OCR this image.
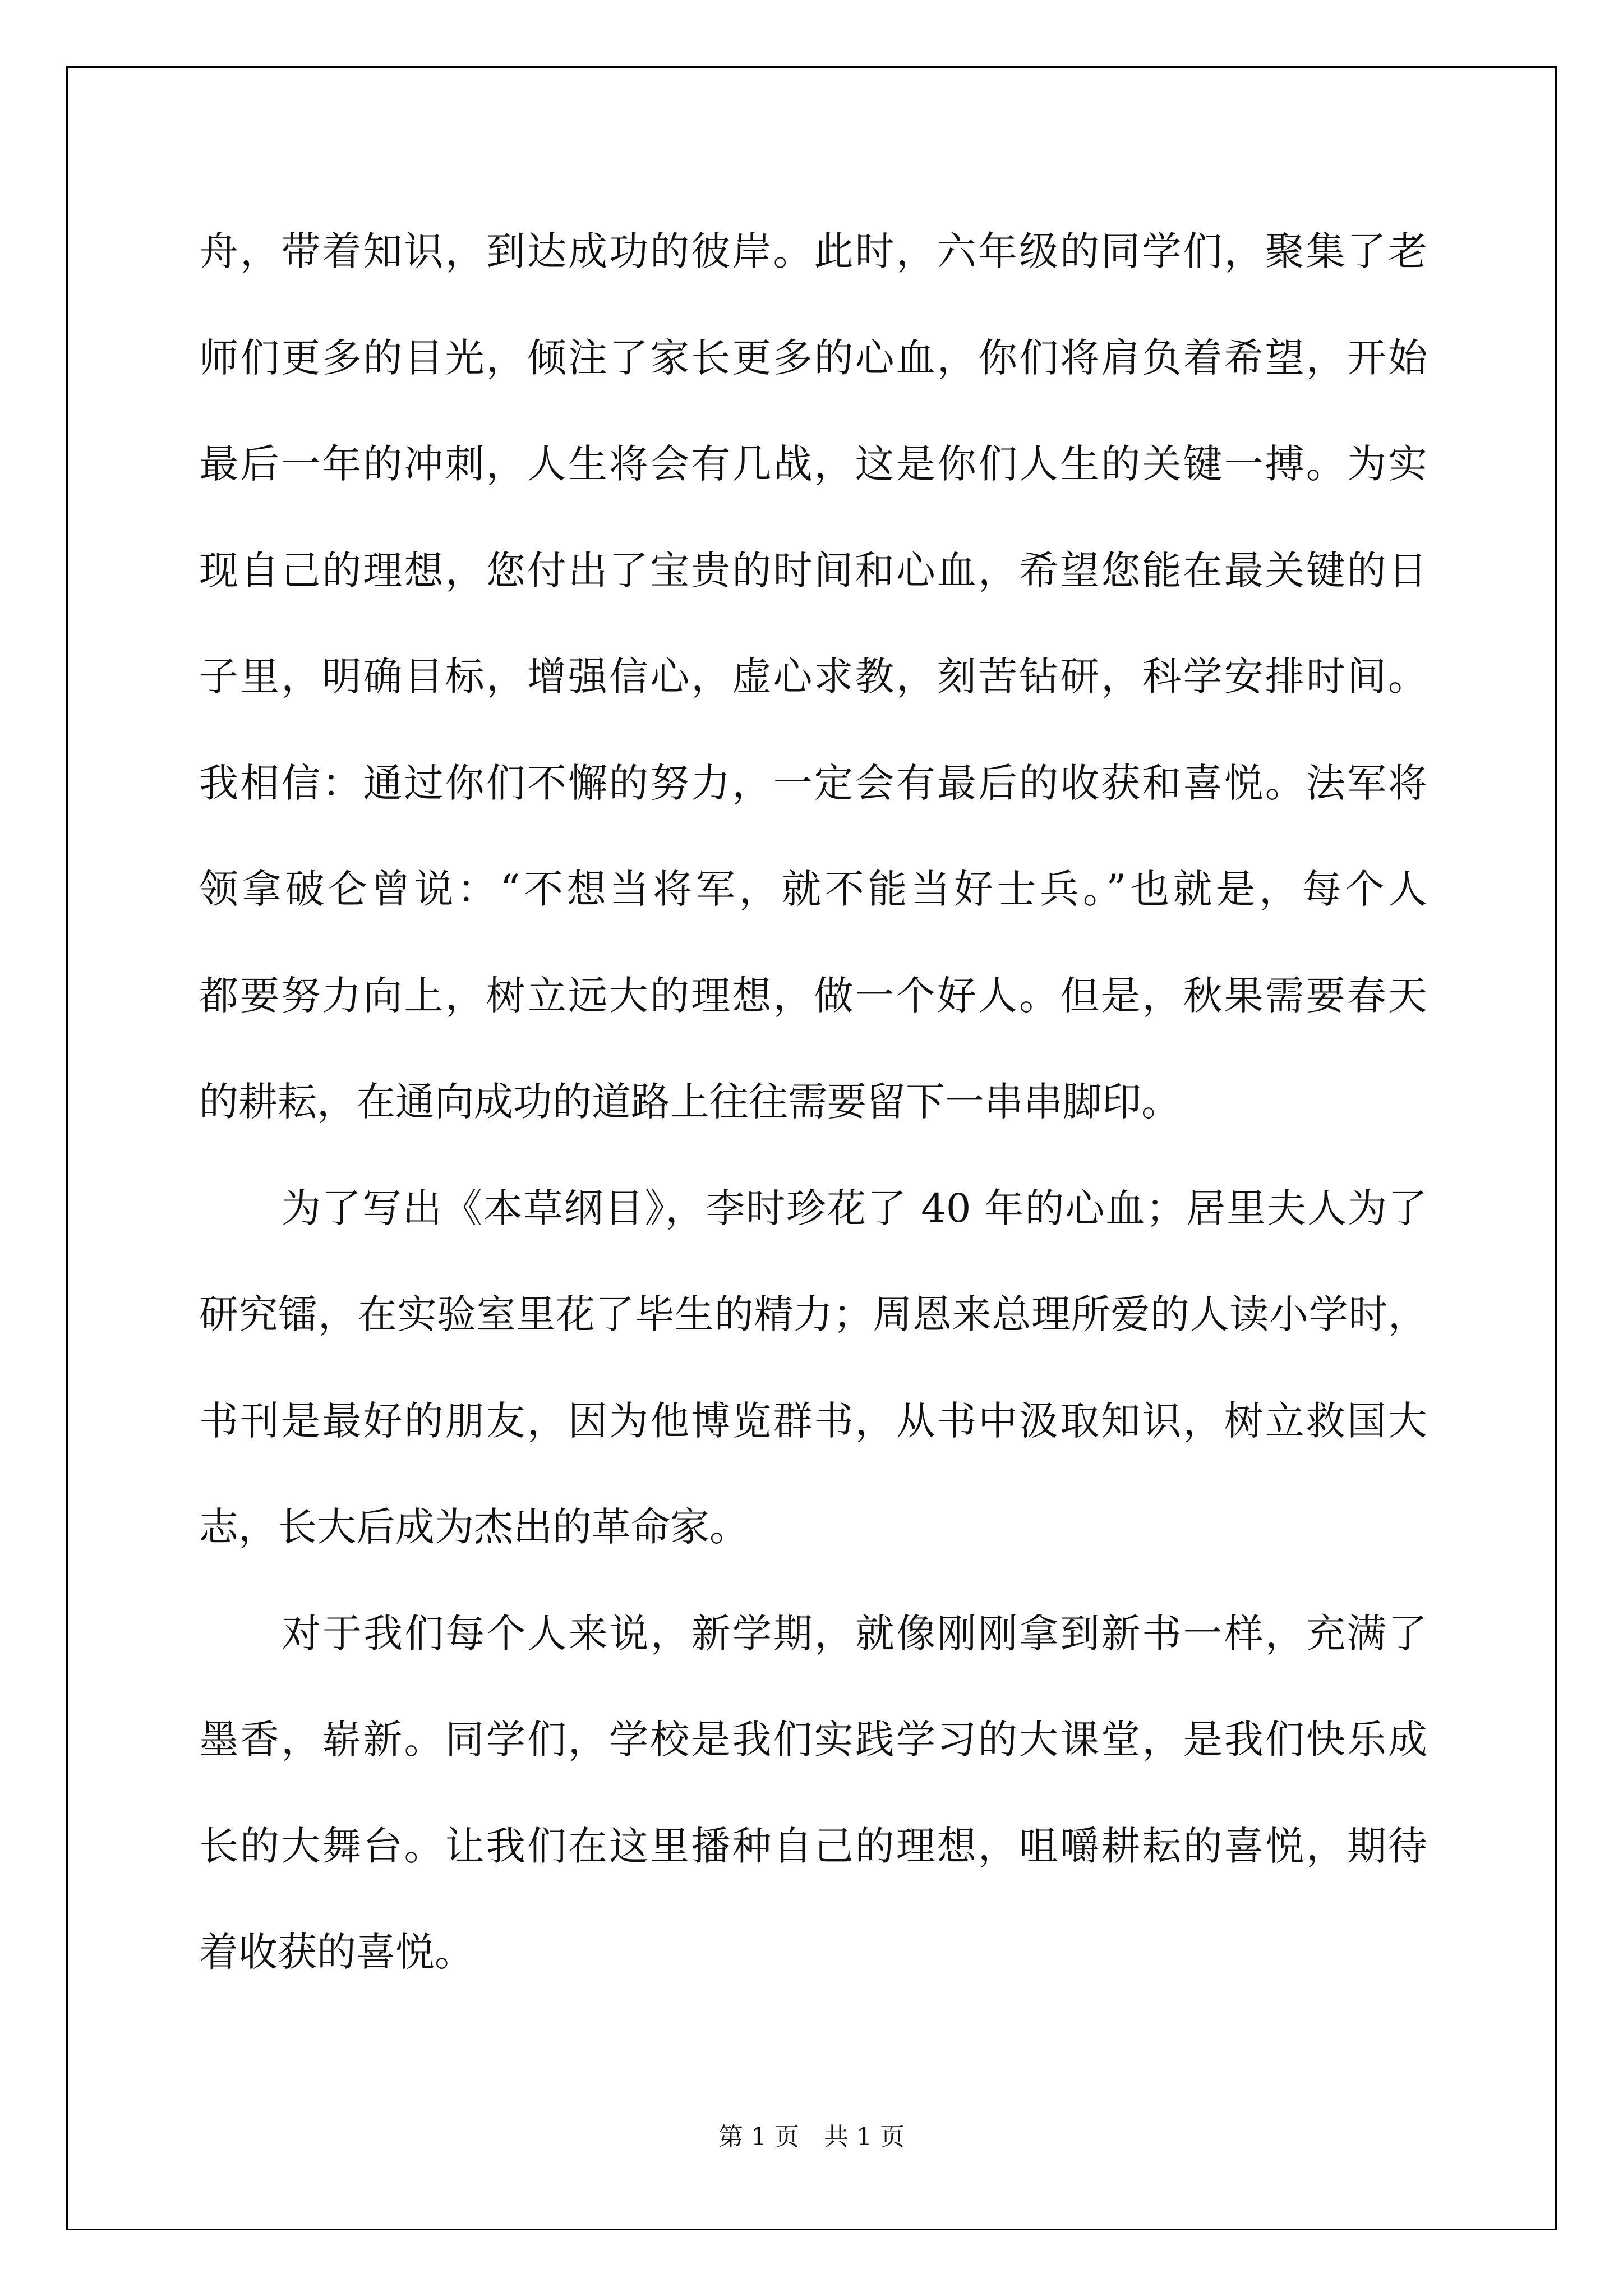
舟，带着知识，到达成功的彼岸。此时，六年级的同学们，聚集了老

师们更多的目光，倾注了家长更多的心血，你们将肩负着希望，开始

最后一年的冲刺，人生将会有几战，这是你们人生的关键一搏。为实

现自己的理想，您付出了宝贵的时间和心血，希望您能在最关键的日

子里，明确目标，增强信心，虚心求教，刻苦钻研，科学安排时间。

我相信：通过你们不懈的努力，一定会有最后的收获和喜悦。法军将

领拿破仑曾说：“不想当将军，就不能当好士兵。”也就是，每个人

都要努力向上，树立远大的理想，做一个好人。但是，秋果需要春天

的耕耘，在通向成功的道路上往往需要留下一串串脚印。

为了写出《本草纲目》，李时珍花了 40 年的心血；居里夫人为了

研究镭，在实验室里花了毕生的精力；周恩来总理所爱的人读小学时，

书刊是最好的朋友，因为他博览群书，从书中汲取知识，树立救国大

志，长大后成为杰出的革命家。

对于我们每个人来说，新学期，就像刚刚拿到新书一样，充满了

墨香，崭新。同学们，学校是我们实践学习的大课堂，是我们快乐成

长的大舞台。让我们在这里播种自己的理想，咀嚼耕耘的喜悦，期待

着收获的喜悦。

第 1 页　共 1 页
